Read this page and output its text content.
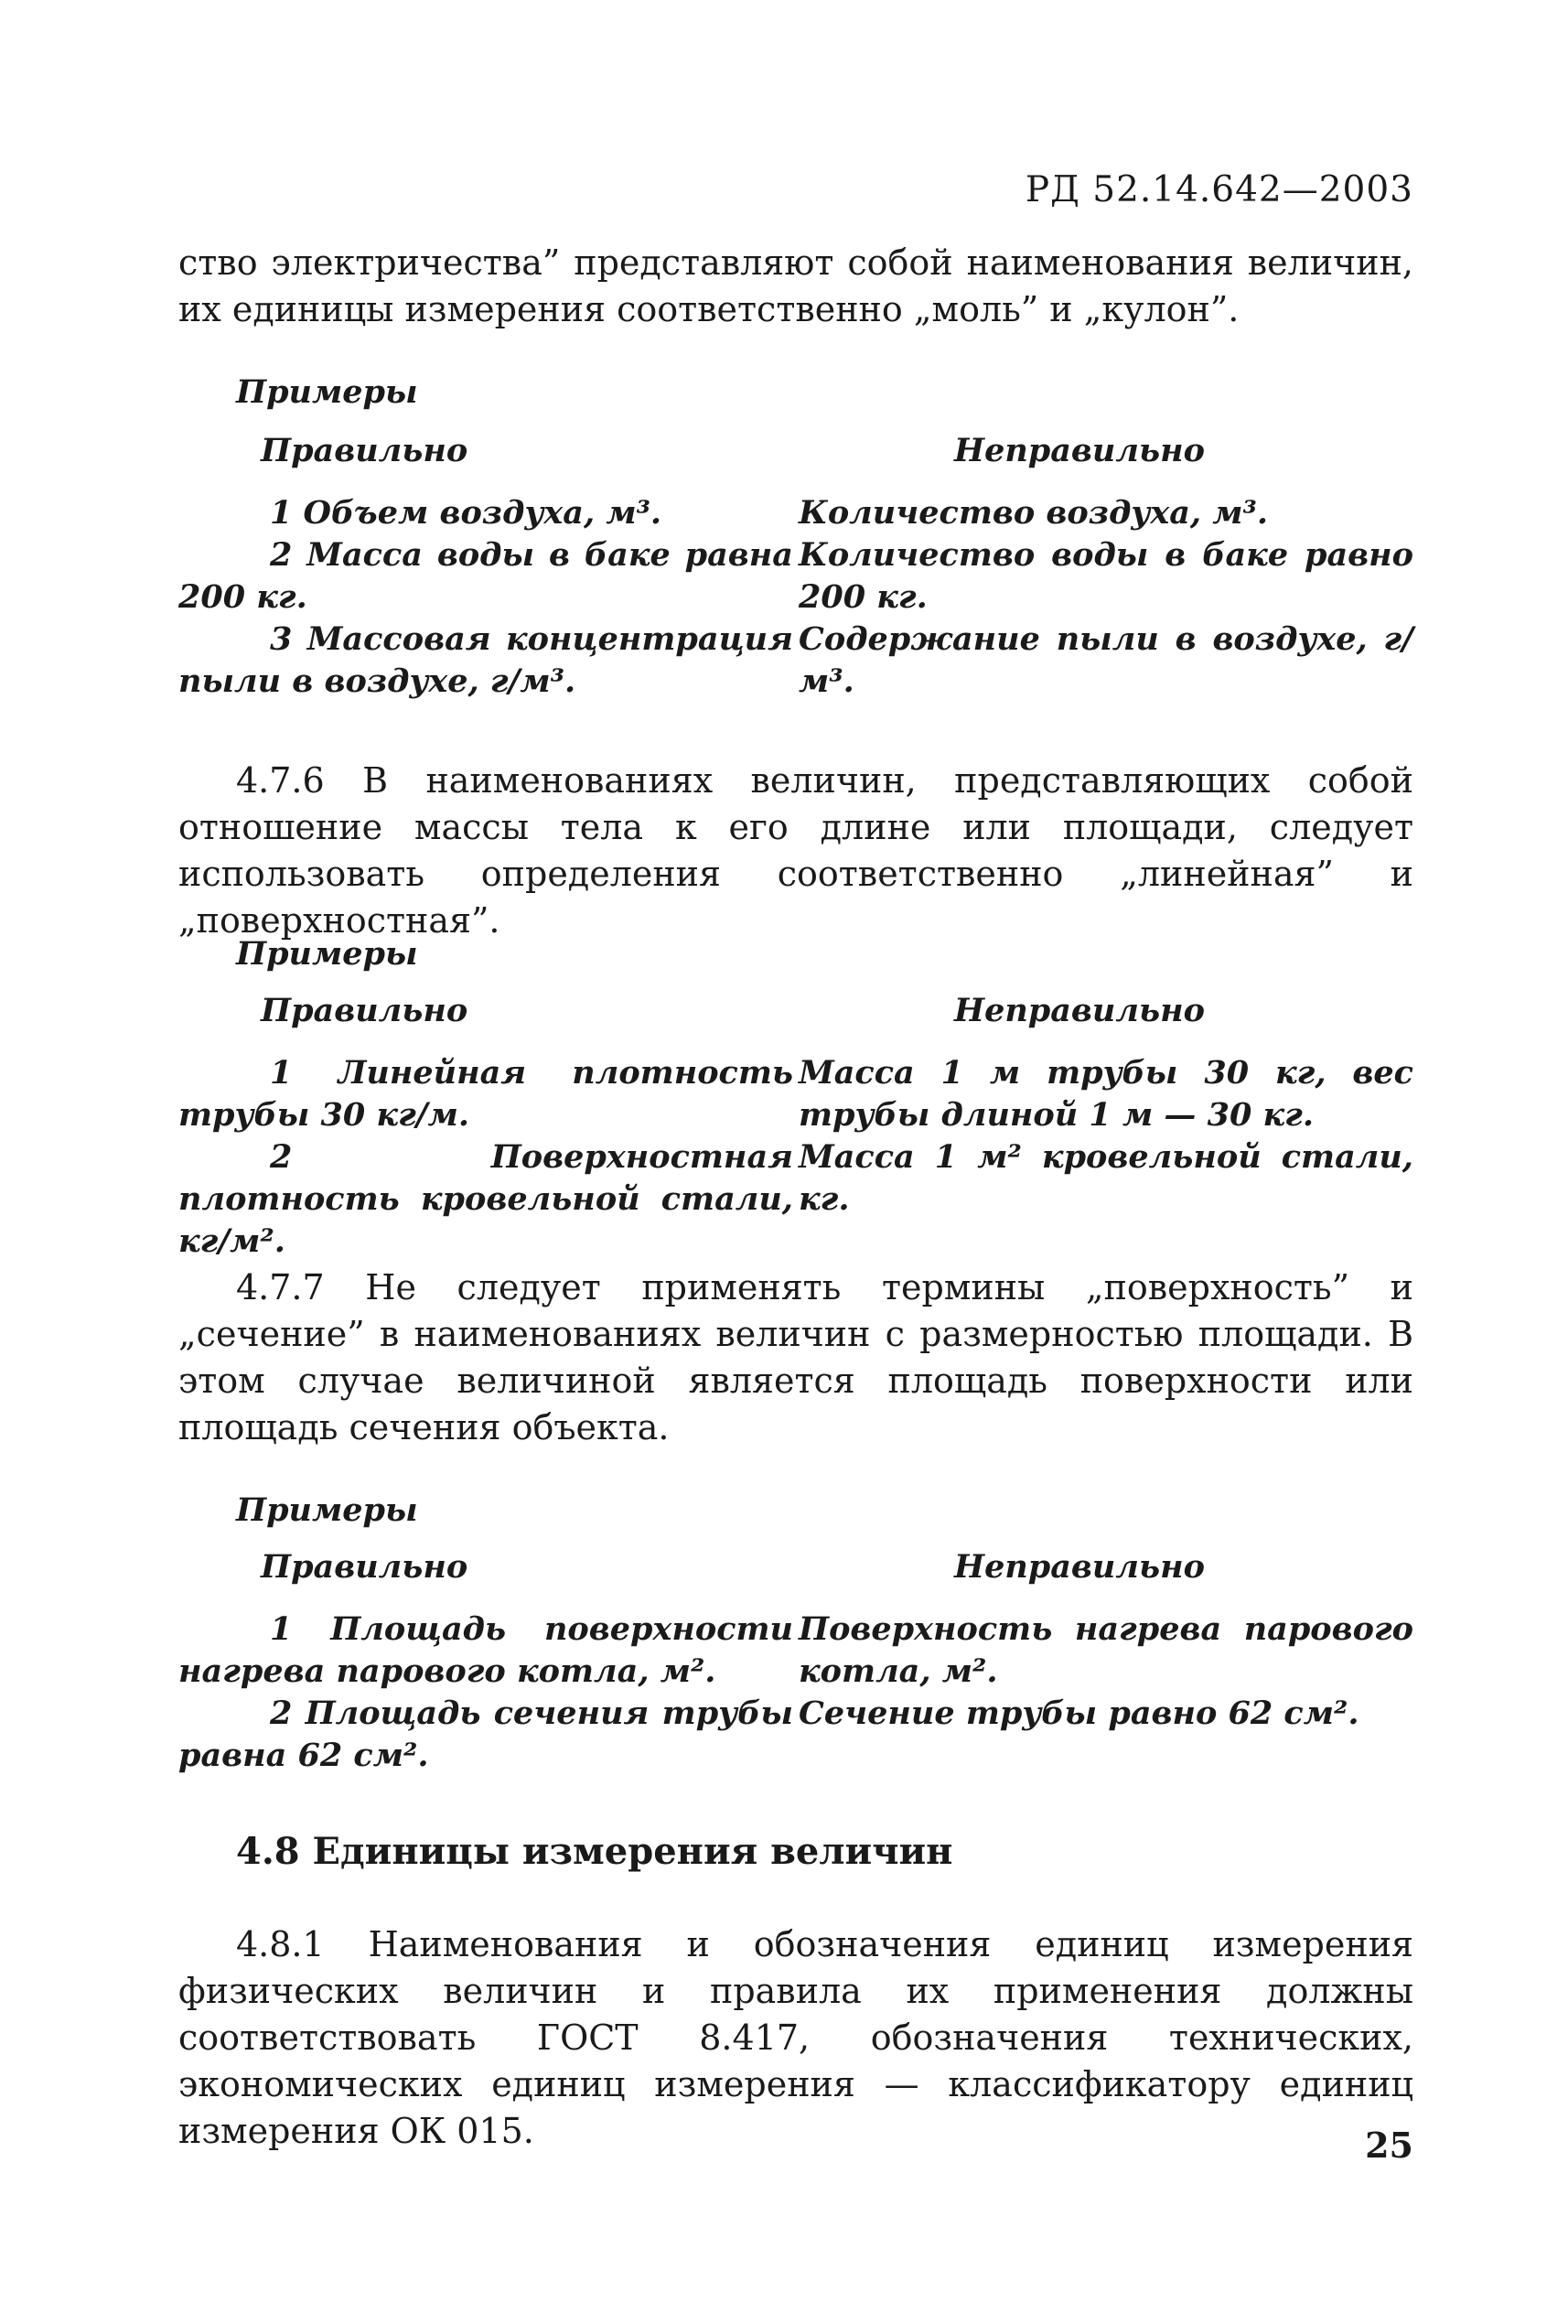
РД 52.14.642—2003
ство электричества” представляют собой наименования величин, их единицы измерения соответственно „моль” и „кулон”.
Примеры
Правильно
1 Объем воздуха, м³.
2 Масса воды в баке равна 200 кг.
3 Массовая концентрация пыли в воздухе, г/м³.
Неправильно
Количество воздуха, м³.
Количество воды в баке равно 200 кг.
Содержание пыли в воздухе, г/м³.
4.7.6 В наименованиях величин, представляющих собой отношение массы тела к его длине или площади, следует использовать определения соответственно „линейная” и „поверхностная”.
Примеры
Правильно
1 Линейная плотность трубы 30 кг/м.
2 Поверхностная плотность кровельной стали, кг/м².
Неправильно
Масса 1 м трубы 30 кг, вес трубы длиной 1 м — 30 кг.
Масса 1 м² кровельной стали, кг.
4.7.7 Не следует применять термины „поверхность” и „сечение” в наименованиях величин с размерностью площади. В этом случае величиной является площадь поверхности или площадь сечения объекта.
Примеры
Правильно
1 Площадь поверхности нагрева парового котла, м².
2 Площадь сечения трубы равна 62 см².
Неправильно
Поверхность нагрева парового котла, м².
Сечение трубы равно 62 см².
4.8 Единицы измерения величин
4.8.1 Наименования и обозначения единиц измерения физических величин и правила их применения должны соответствовать ГОСТ 8.417, обозначения технических, экономических единиц измерения — классификатору единиц измерения ОК 015.	25
